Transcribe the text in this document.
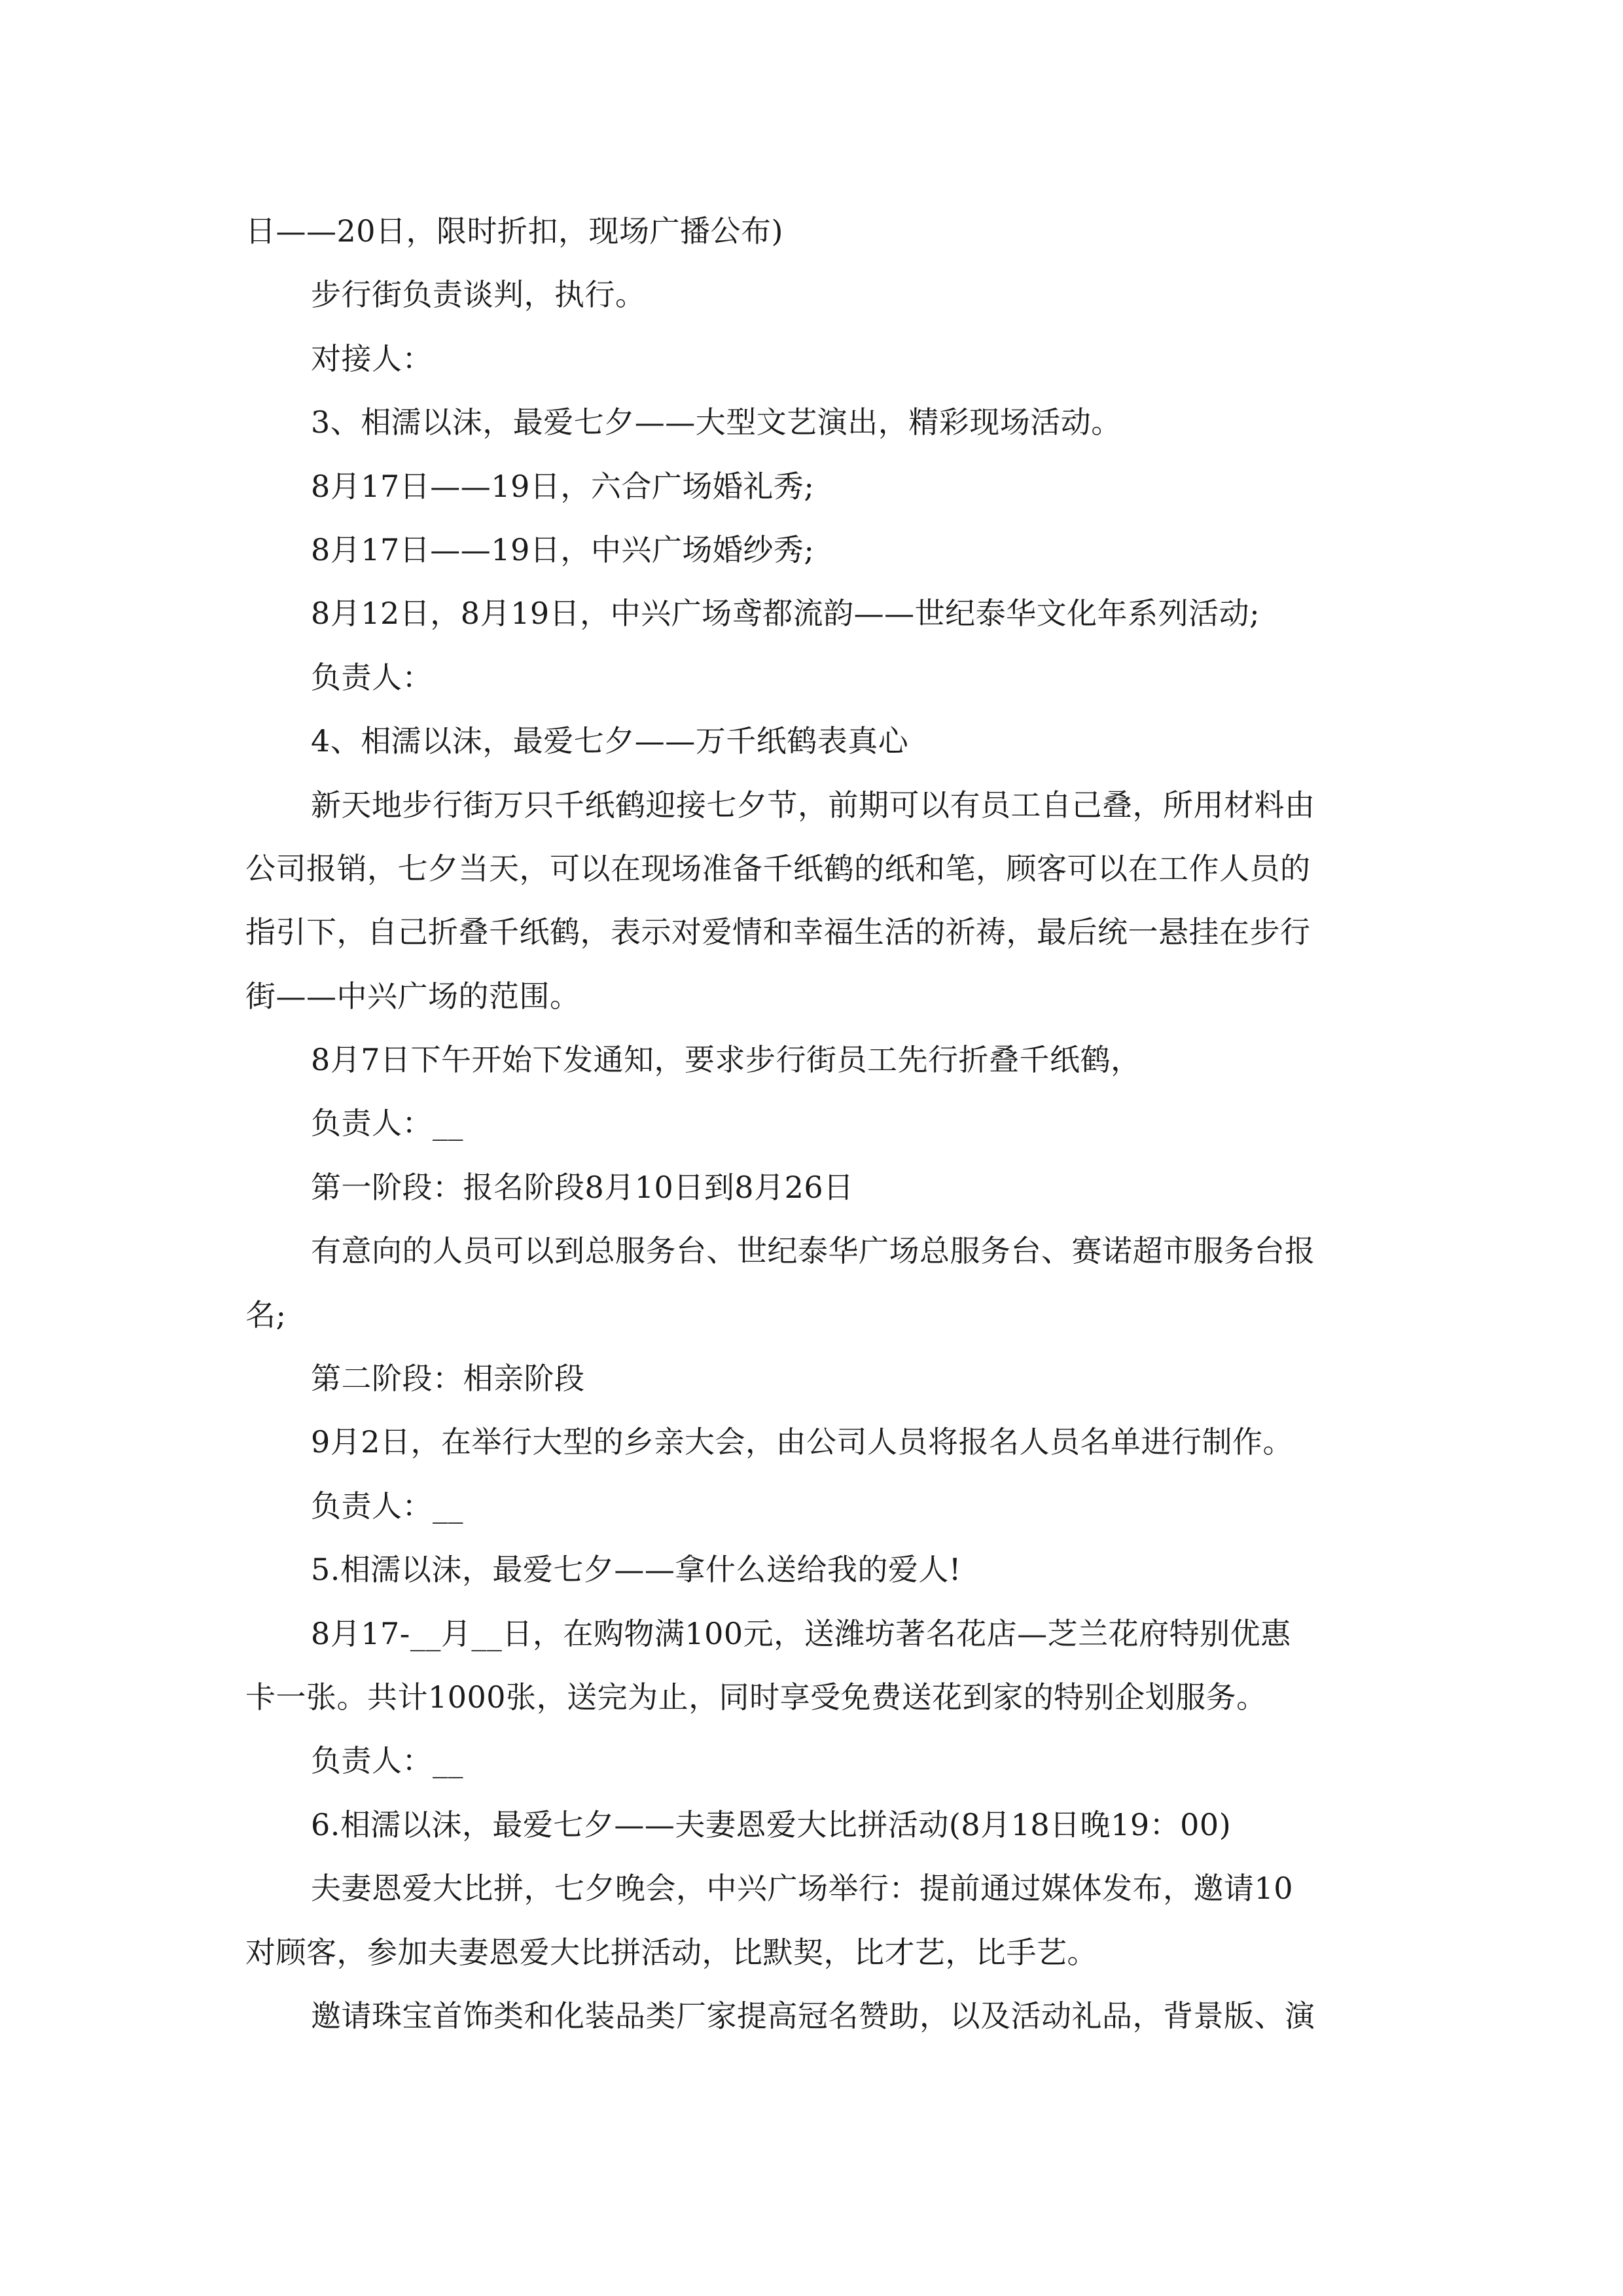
日——20日，限时折扣，现场广播公布)
步行街负责谈判，执行。
对接人：
3、相濡以沫，最爱七夕——大型文艺演出，精彩现场活动。
8月17日——19日，六合广场婚礼秀;
8月17日——19日，中兴广场婚纱秀;
8月12日，8月19日，中兴广场鸢都流韵——世纪泰华文化年系列活动;
负责人：
4、相濡以沫，最爱七夕——万千纸鹤表真心
新天地步行街万只千纸鹤迎接七夕节，前期可以有员工自己叠，所用材料由
公司报销，七夕当天，可以在现场准备千纸鹤的纸和笔，顾客可以在工作人员的
指引下，自己折叠千纸鹤，表示对爱情和幸福生活的祈祷，最后统一悬挂在步行
街——中兴广场的范围。
8月7日下午开始下发通知，要求步行街员工先行折叠千纸鹤，
负责人：__
第一阶段：报名阶段8月10日到8月26日
有意向的人员可以到总服务台、世纪泰华广场总服务台、赛诺超市服务台报
名;
第二阶段：相亲阶段
9月2日，在举行大型的乡亲大会，由公司人员将报名人员名单进行制作。
负责人：__
5.相濡以沫，最爱七夕——拿什么送给我的爱人!
8月17-__月__日，在购物满100元，送潍坊著名花店—芝兰花府特别优惠
卡一张。共计1000张，送完为止，同时享受免费送花到家的特别企划服务。
负责人：__
6.相濡以沫，最爱七夕——夫妻恩爱大比拼活动(8月18日晚19：00)
夫妻恩爱大比拼，七夕晚会，中兴广场举行：提前通过媒体发布，邀请10
对顾客，参加夫妻恩爱大比拼活动，比默契，比才艺，比手艺。
邀请珠宝首饰类和化装品类厂家提高冠名赞助，以及活动礼品，背景版、演
